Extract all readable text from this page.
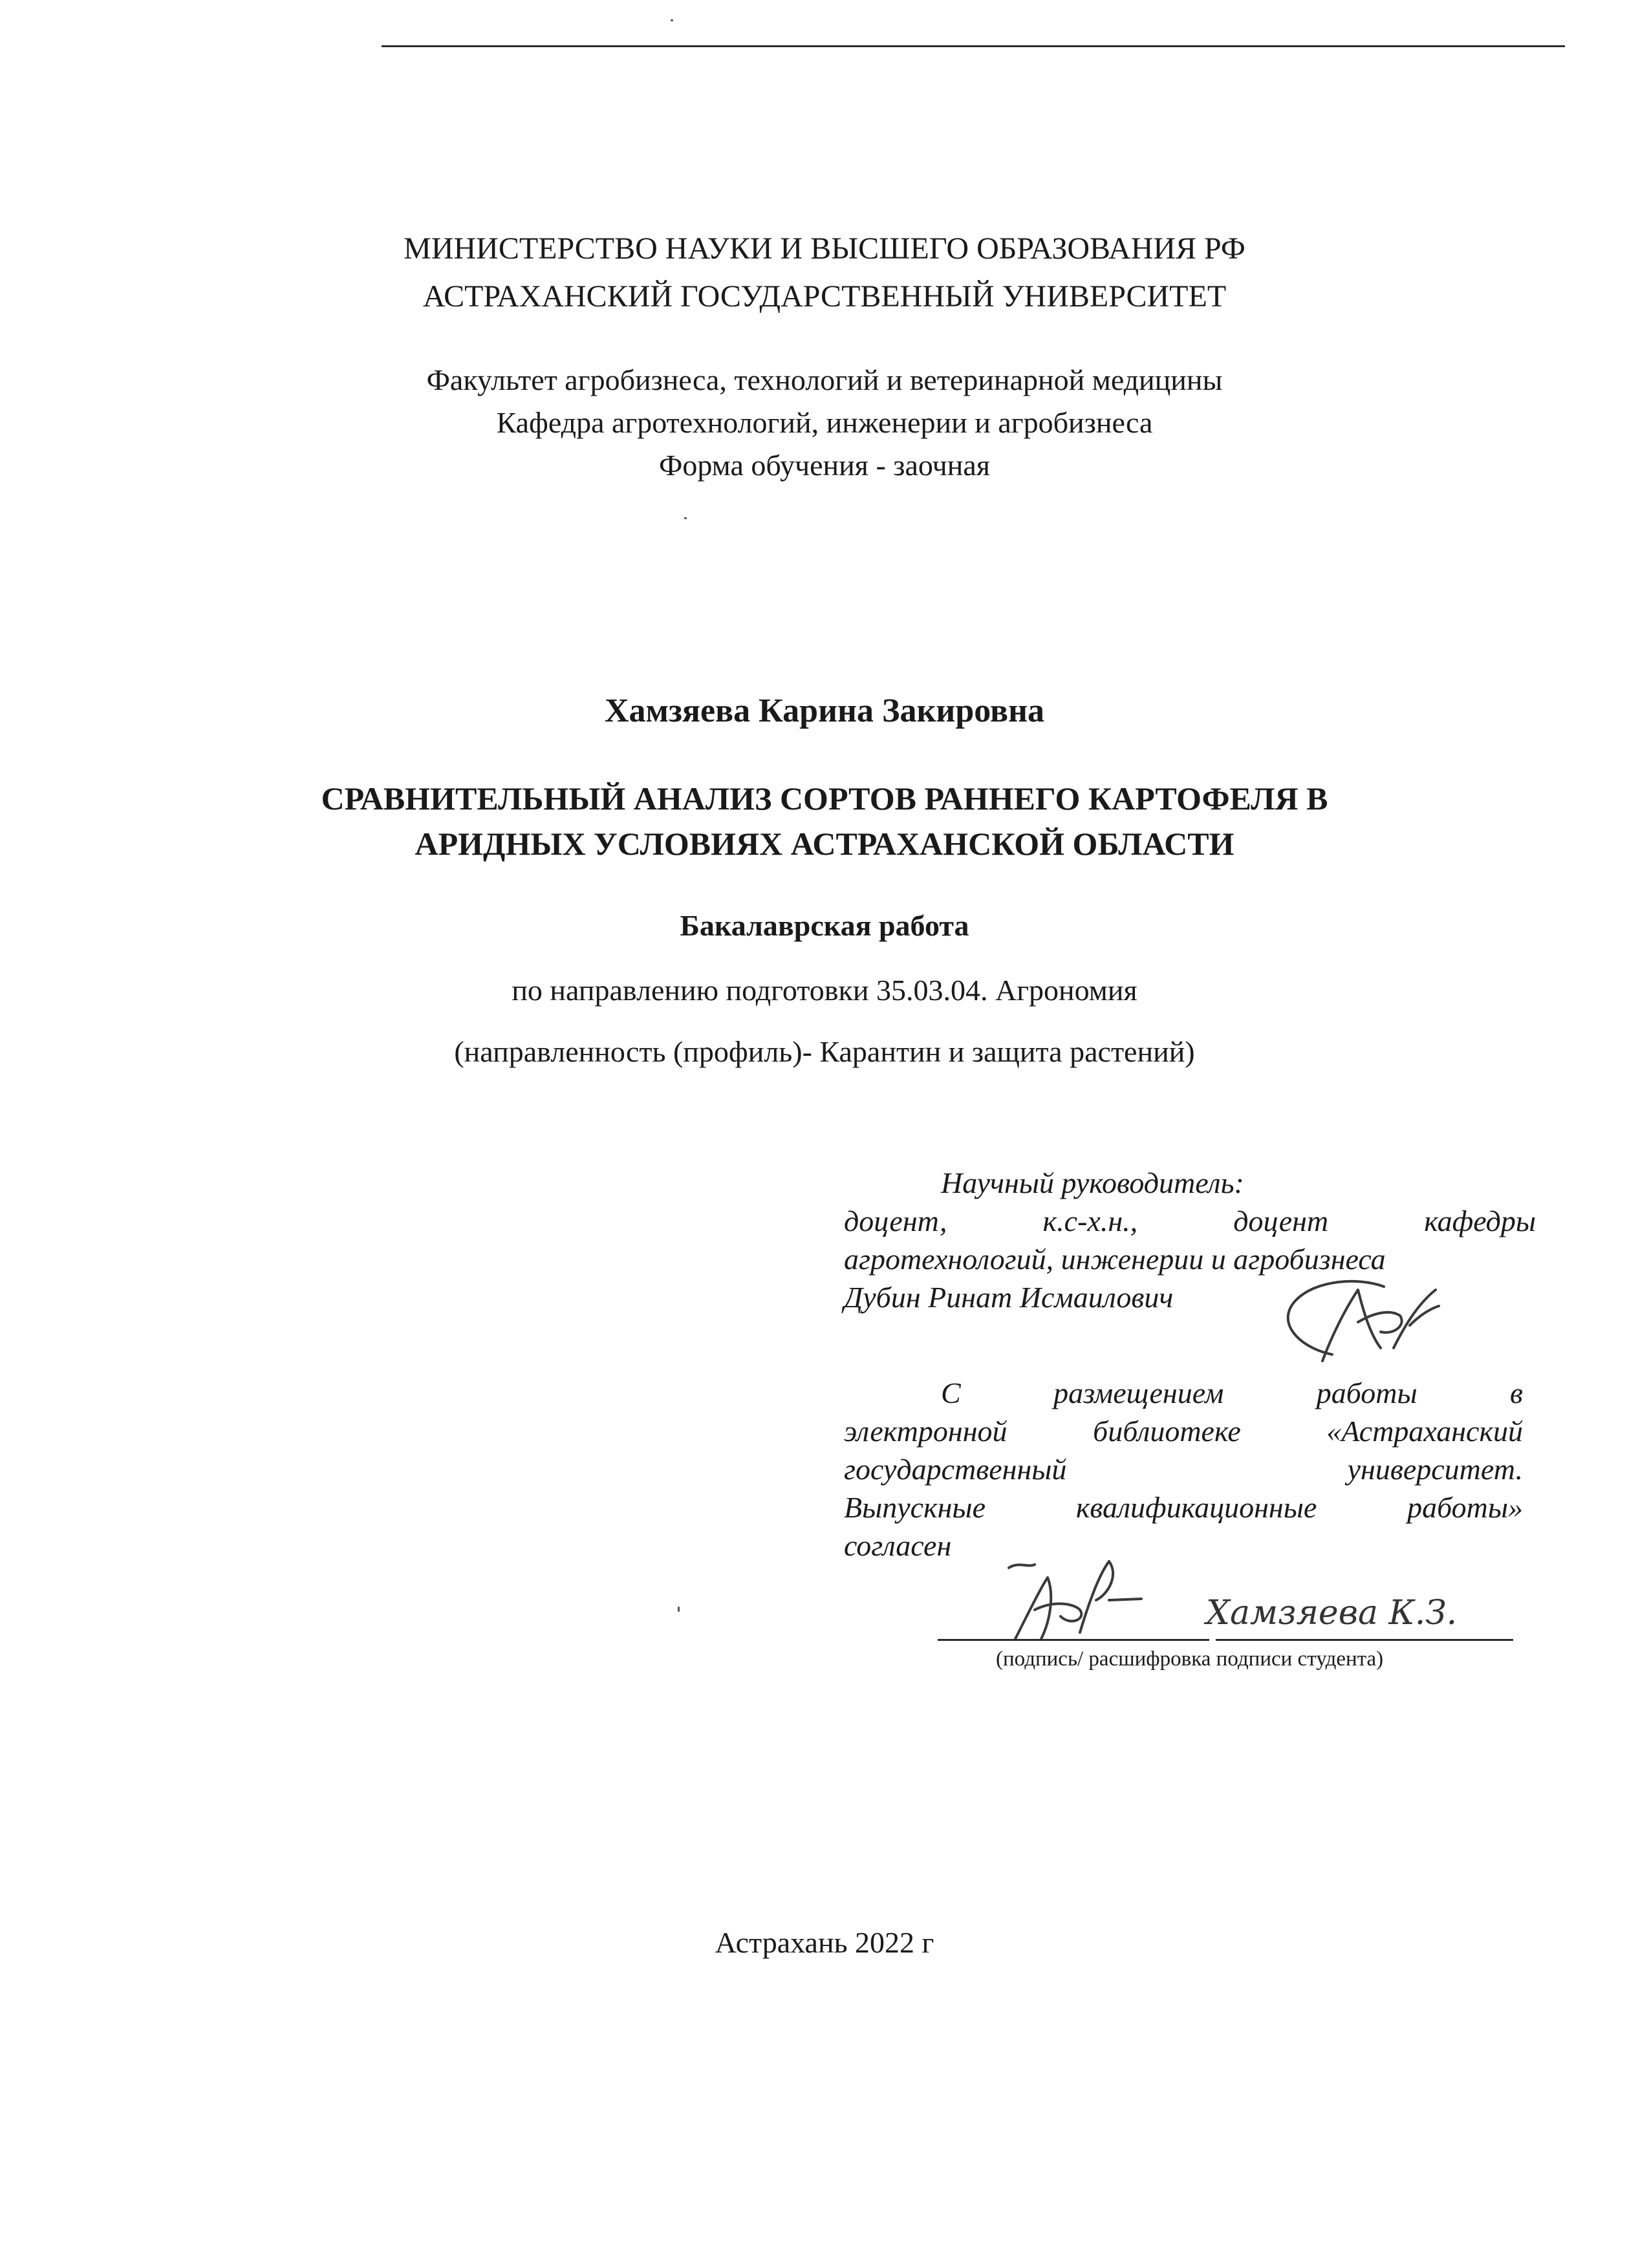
МИНИСТЕРСТВО НАУКИ И ВЫСШЕГО ОБРАЗОВАНИЯ РФ
АСТРАХАНСКИЙ ГОСУДАРСТВЕННЫЙ УНИВЕРСИТЕТ
Факультет агробизнеса, технологий и ветеринарной медицины
Кафедра агротехнологий, инженерии и агробизнеса
Форма обучения - заочная
Хамзяева Карина Закировна
СРАВНИТЕЛЬНЫЙ АНАЛИЗ СОРТОВ РАННЕГО КАРТОФЕЛЯ В
АРИДНЫХ УСЛОВИЯХ АСТРАХАНСКОЙ ОБЛАСТИ
Бакалаврская работа
по направлению подготовки 35.03.04. Агрономия
(направленность (профиль)- Карантин и защита растений)
Научный руководитель:
доцент,	к.с-х.н.,	доцент	кафедры
агротехнологий, инженерии и агробизнеса
Дубин Ринат Исмаилович
С	размещением	работы	в
электронной библиотеке «Астраханский
государственный	университет.
Выпускные	квалификационные	работы»
согласен
Хамзяева К.З.
(подпись/ расшифровка подписи студента)
Астрахань 2022 г
